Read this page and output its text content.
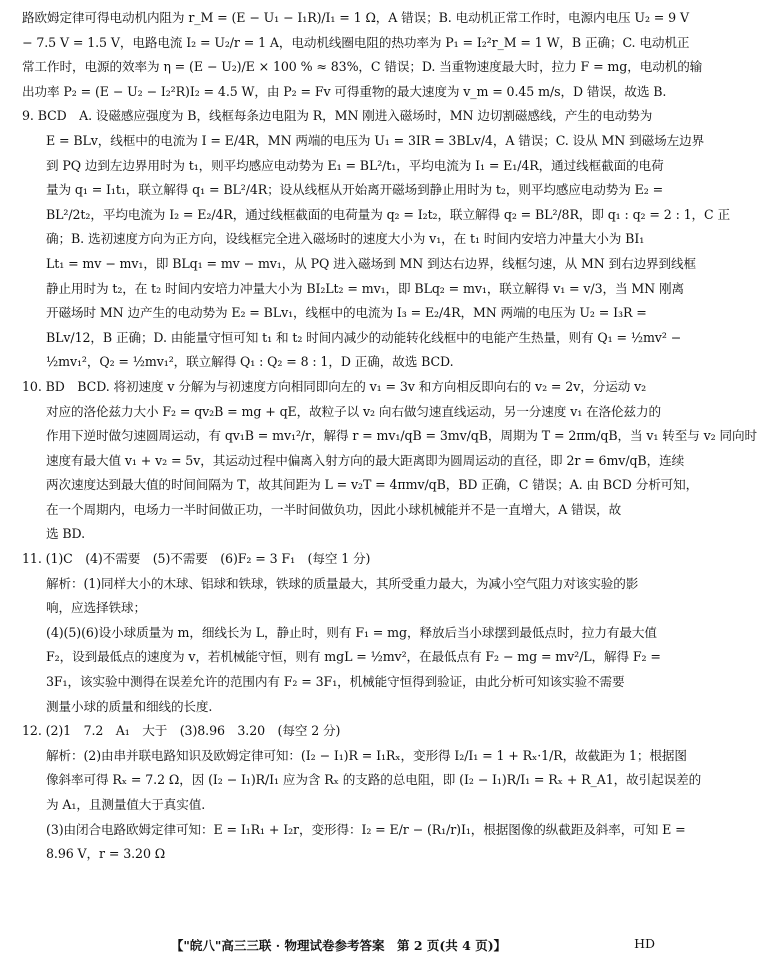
路欧姆定律可得电动机内阻为 r_M = (E − U₁ − I₁R)/I₁ = 1 Ω，A 错误；B. 电动机正常工作时，电源内电压 U₂ = 9 V
− 7.5 V = 1.5 V，电路电流 I₂ = U₂/r = 1 A，电动机线圈电阻的热功率为 P₁ = I₂²r_M = 1 W，B 正确；C. 电动机正
常工作时，电源的效率为 η = (E − U₂)/E × 100 % ≈ 83%，C 错误；D. 当重物速度最大时，拉力 F = mg，电动机的输
出功率 P₂ = (E − U₂ − I₂²R)I₂ = 4.5 W，由 P₂ = Fv 可得重物的最大速度为 v_m = 0.45 m/s，D 错误，故选 B.
9. BCD　A. 设磁感应强度为 B，线框每条边电阻为 R，MN 刚进入磁场时，MN 边切割磁感线，产生的电动势为
E = BLv，线框中的电流为 I = E/4R，MN 两端的电压为 U₁ = 3IR = 3BLv/4，A 错误；C. 设从 MN 到磁场左边界
到 PQ 边到左边界用时为 t₁，则平均感应电动势为 E₁ = BL²/t₁，平均电流为 I₁ = E₁/4R，通过线框截面的电荷
量为 q₁ = I₁t₁，联立解得 q₁ = BL²/4R；设从线框从开始离开磁场到静止用时为 t₂，则平均感应电动势为 E₂ =
BL²/2t₂，平均电流为 I₂ = E₂/4R，通过线框截面的电荷量为 q₂ = I₂t₂，联立解得 q₂ = BL²/8R，即 q₁ : q₂ = 2 : 1，C 正
确；B. 选初速度方向为正方向，设线框完全进入磁场时的速度大小为 v₁，在 t₁ 时间内安培力冲量大小为 BI₁
Lt₁ = mv − mv₁，即 BLq₁ = mv − mv₁，从 PQ 进入磁场到 MN 到达右边界，线框匀速，从 MN 到右边界到线框
静止用时为 t₂，在 t₂ 时间内安培力冲量大小为 BI₂Lt₂ = mv₁，即 BLq₂ = mv₁，联立解得 v₁ = v/3，当 MN 刚离
开磁场时 MN 边产生的电动势为 E₂ = BLv₁，线框中的电流为 I₃ = E₂/4R，MN 两端的电压为 U₂ = I₃R =
BLv/12，B 正确；D. 由能量守恒可知 t₁ 和 t₂ 时间内减少的动能转化线框中的电能产生热量，则有 Q₁ = ½mv² −
½mv₁²，Q₂ = ½mv₁²，联立解得 Q₁ : Q₂ = 8 : 1，D 正确，故选 BCD.
10. BD　BCD. 将初速度 v 分解为与初速度方向相同即向左的 v₁ = 3v 和方向相反即向右的 v₂ = 2v，分运动 v₂
对应的洛伦兹力大小 F₂ = qv₂B = mg + qE，故粒子以 v₂ 向右做匀速直线运动，另一分速度 v₁ 在洛伦兹力的
作用下逆时做匀速圆周运动，有 qv₁B = mv₁²/r，解得 r = mv₁/qB = 3mv/qB，周期为 T = 2πm/qB，当 v₁ 转至与 v₂ 同向时
速度有最大值 v₁ + v₂ = 5v，其运动过程中偏离入射方向的最大距离即为圆周运动的直径，即 2r = 6mv/qB，连续
两次速度达到最大值的时间间隔为 T，故其间距为 L = v₂T = 4πmv/qB，BD 正确，C 错误；A. 由 BCD 分析可知，
在一个周期内，电场力一半时间做正功，一半时间做负功，因此小球机械能并不是一直增大，A 错误，故
选 BD.
11. (1)C　(4)不需要　(5)不需要　(6)F₂ = 3 F₁　(每空 1 分)
解析：(1)同样大小的木球、铝球和铁球，铁球的质量最大，其所受重力最大，为减小空气阻力对该实验的影
响，应选择铁球；
(4)(5)(6)设小球质量为 m，细线长为 L，静止时，则有 F₁ = mg，释放后当小球摆到最低点时，拉力有最大值
F₂，设到最低点的速度为 v，若机械能守恒，则有 mgL = ½mv²，在最低点有 F₂ − mg = mv²/L，解得 F₂ =
3F₁，该实验中测得在误差允许的范围内有 F₂ = 3F₁，机械能守恒得到验证，由此分析可知该实验不需要
测量小球的质量和细线的长度.
12. (2)1　7.2　A₁　大于　(3)8.96　3.20　(每空 2 分)
解析：(2)由串并联电路知识及欧姆定律可知：(I₂ − I₁)R = I₁Rₓ，变形得 I₂/I₁ = 1 + Rₓ·1/R，故截距为 1；根据图
像斜率可得 Rₓ = 7.2 Ω，因 (I₂ − I₁)R/I₁ 应为含 Rₓ 的支路的总电阻，即 (I₂ − I₁)R/I₁ = Rₓ + R_A1，故引起误差的
为 A₁，且测量值大于真实值.
(3)由闭合电路欧姆定律可知：E = I₁R₁ + I₂r，变形得：I₂ = E/r − (R₁/r)I₁，根据图像的纵截距及斜率，可知 E =
8.96 V，r = 3.20 Ω
【"皖八"高三三联 · 物理试卷参考答案　第 2 页(共 4 页)】	HD
